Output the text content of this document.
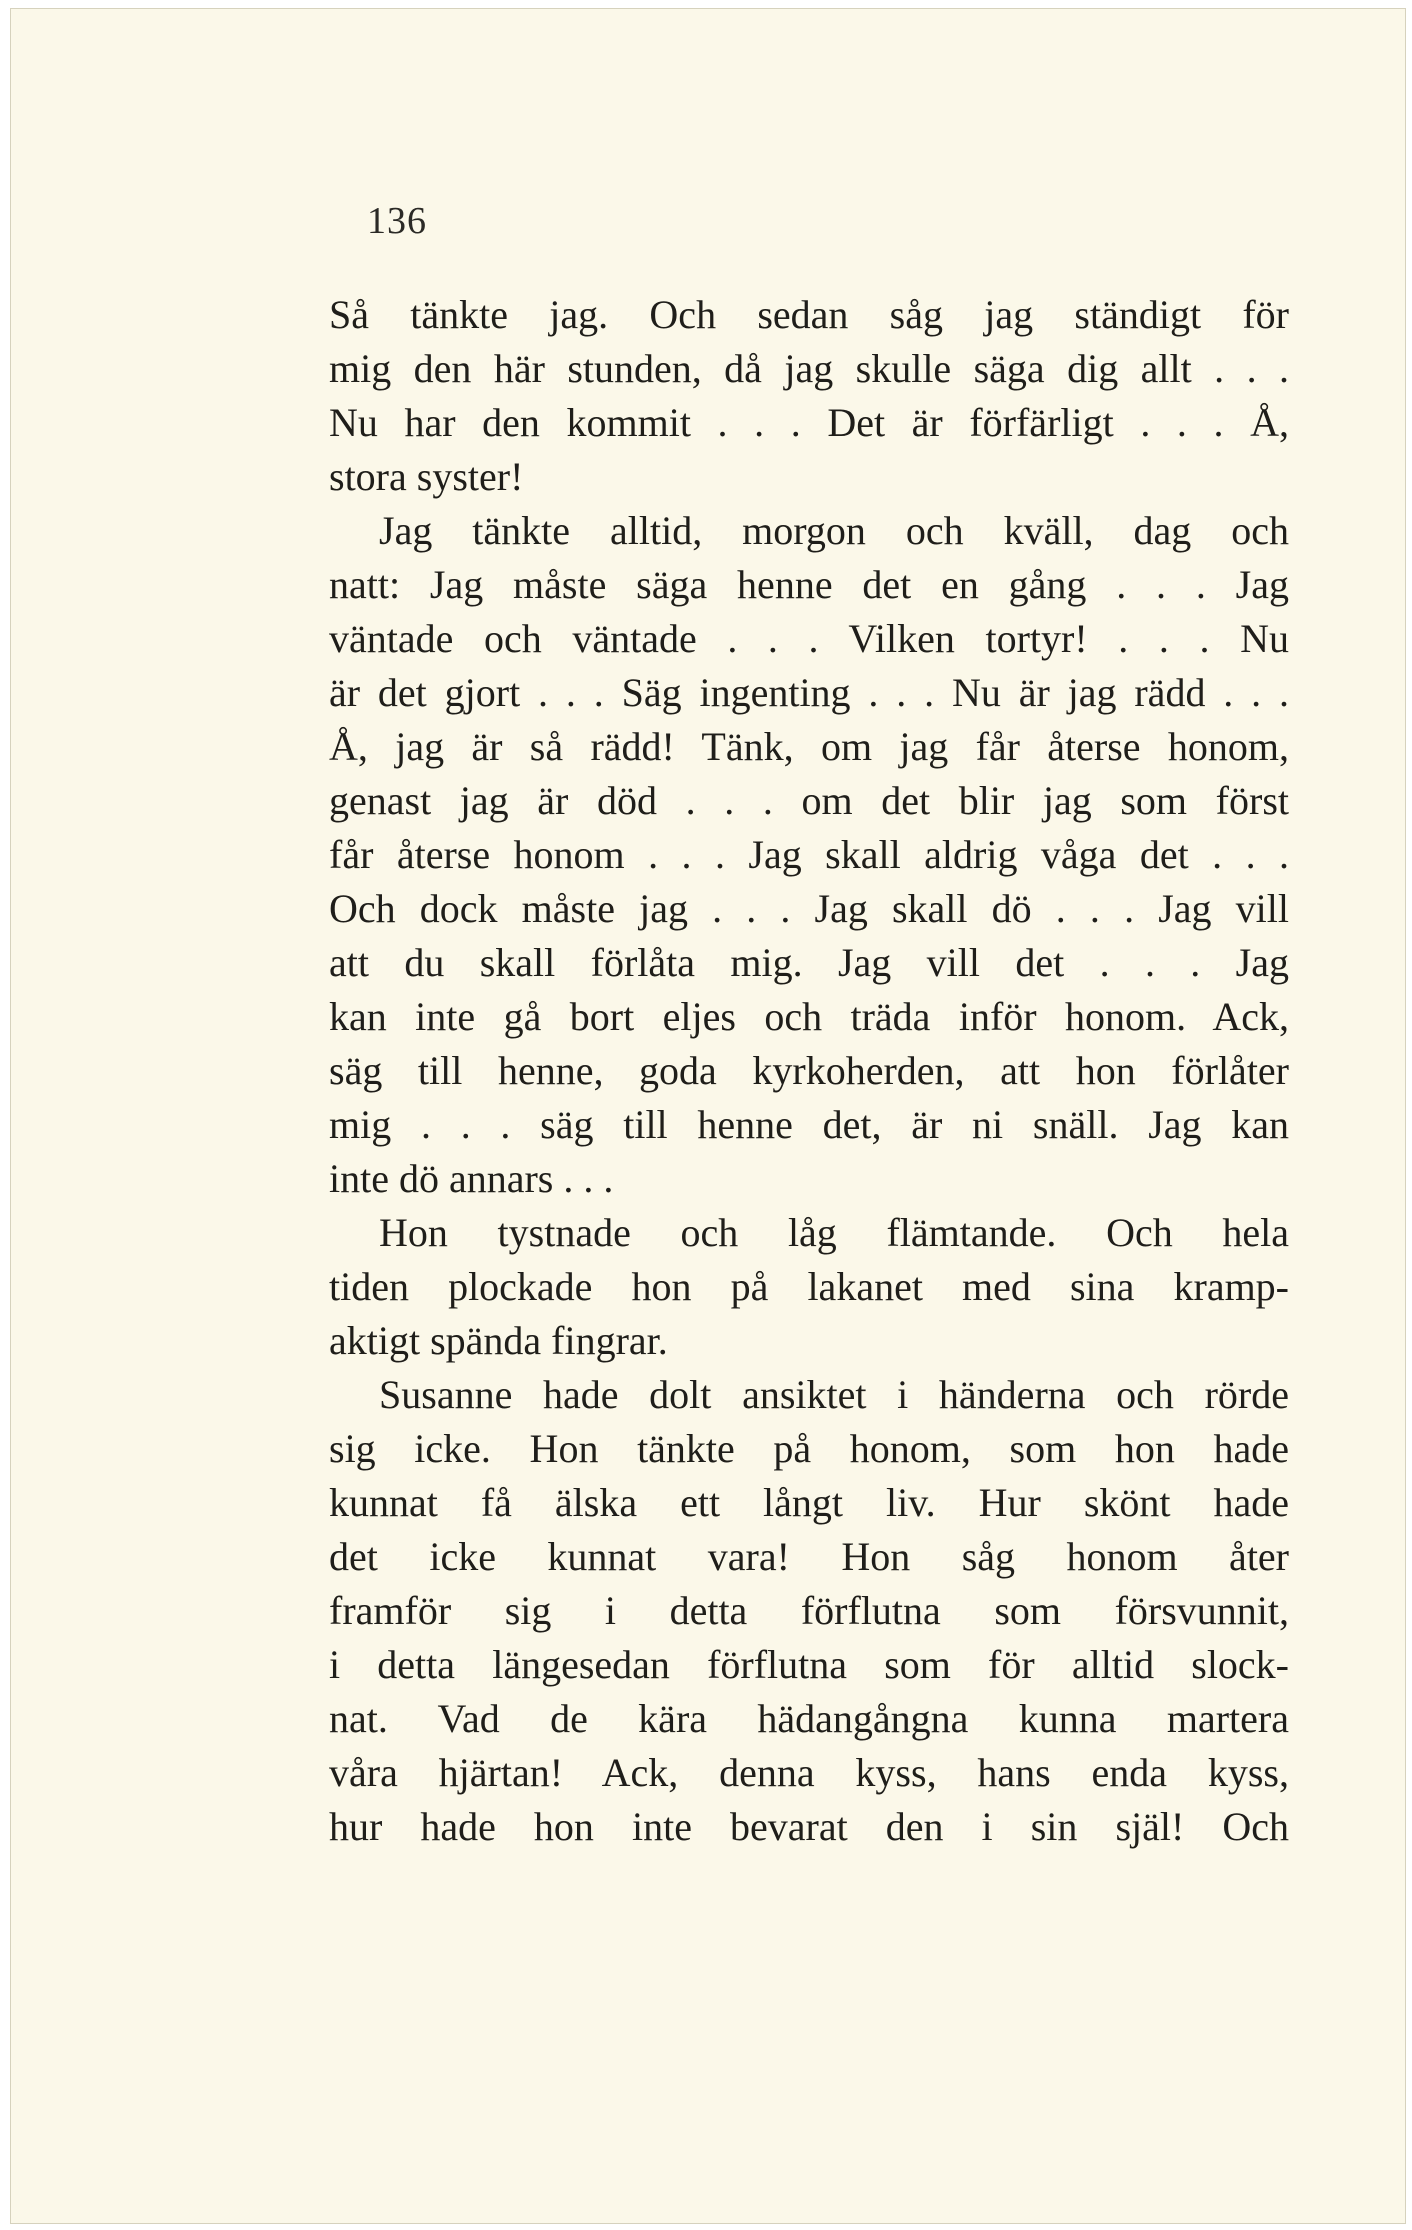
136
Så tänkte jag. Och sedan såg jag ständigt för
mig den här stunden, då jag skulle säga dig allt . . .
Nu har den kommit . . . Det är förfärligt . . . Å,
stora syster!
Jag tänkte alltid, morgon och kväll, dag och
natt: Jag måste säga henne det en gång . . . Jag
väntade och väntade . . . Vilken tortyr! . . . Nu
är det gjort . . . Säg ingenting . . . Nu är jag rädd . . .
Å, jag är så rädd! Tänk, om jag får återse honom,
genast jag är död . . . om det blir jag som först
får återse honom . . . Jag skall aldrig våga det . . .
Och dock måste jag . . . Jag skall dö . . . Jag vill
att du skall förlåta mig. Jag vill det . . . Jag
kan inte gå bort eljes och träda inför honom. Ack,
säg till henne, goda kyrkoherden, att hon förlåter
mig . . . säg till henne det, är ni snäll. Jag kan
inte dö annars . . .
Hon tystnade och låg flämtande. Och hela
tiden plockade hon på lakanet med sina kramp-
aktigt spända fingrar.
Susanne hade dolt ansiktet i händerna och rörde
sig icke. Hon tänkte på honom, som hon hade
kunnat få älska ett långt liv. Hur skönt hade
det icke kunnat vara! Hon såg honom åter
framför sig i detta förflutna som försvunnit,
i detta längesedan förflutna som för alltid slock-
nat. Vad de kära hädangångna kunna martera
våra hjärtan! Ack, denna kyss, hans enda kyss,
hur hade hon inte bevarat den i sin själ! Och
